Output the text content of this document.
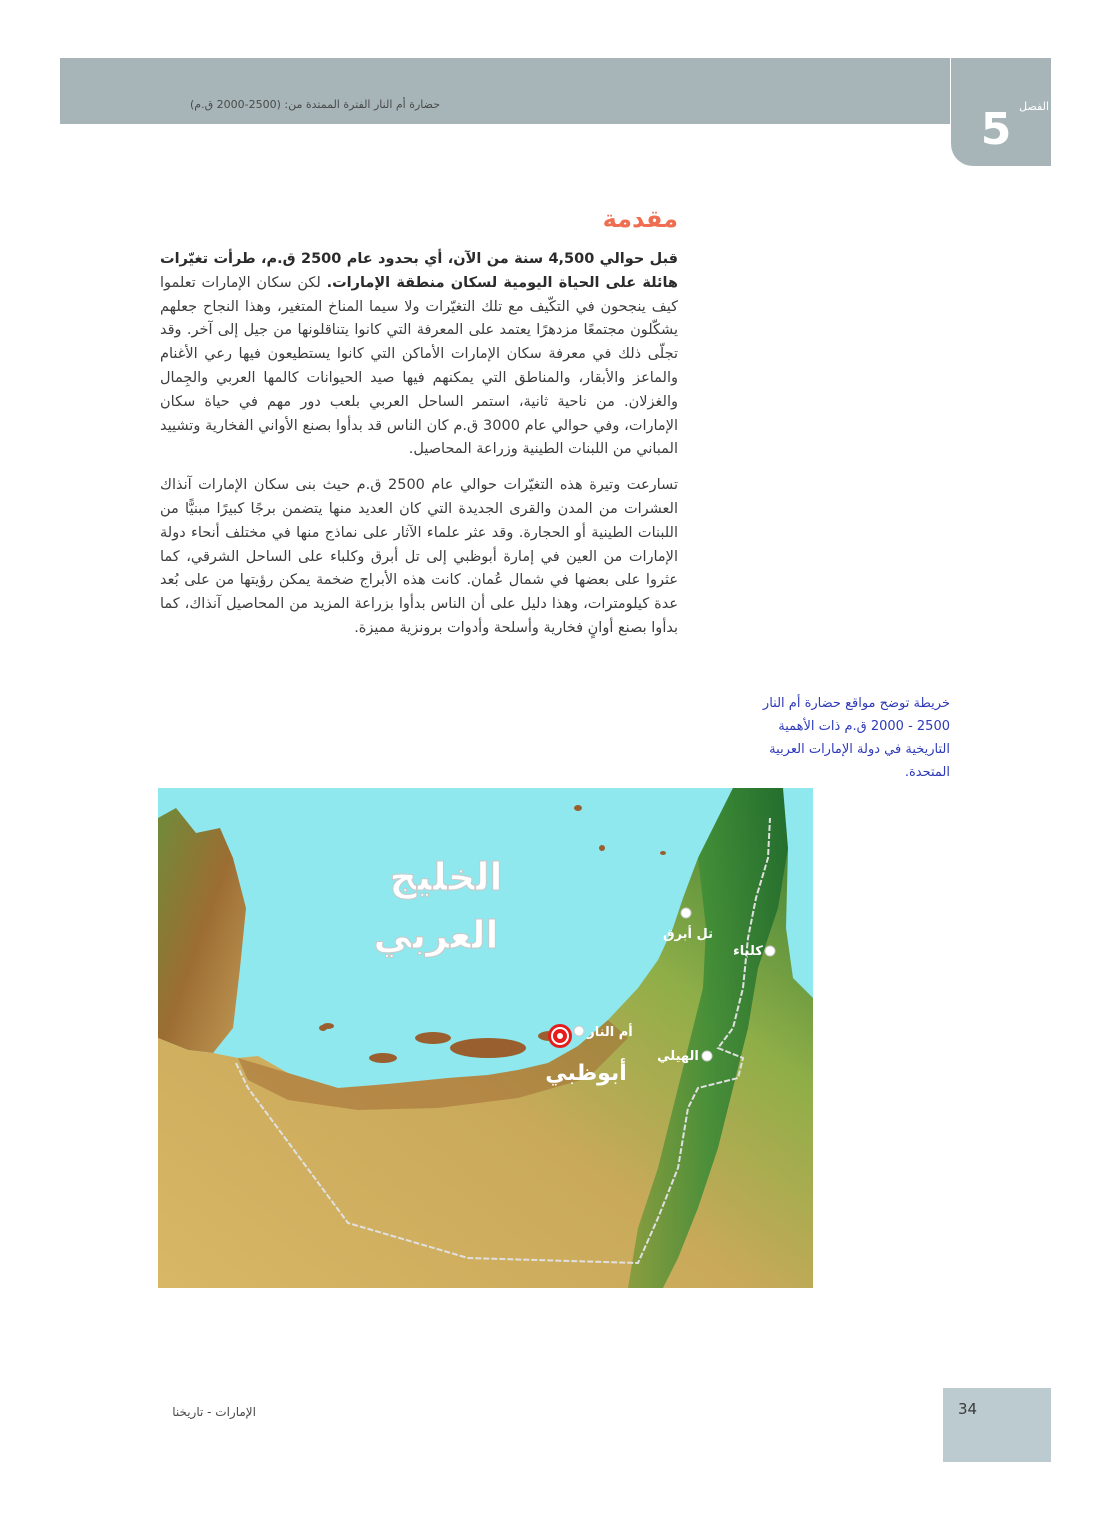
حضارة أم النار الفترة الممتدة من: (2500-2000 ق.م)	الفصل
5
مقدمة

قبل حوالي 4,500 سنة من الآن، أي بحدود عام 2500 ق.م، طرأت تغيّرات هائلة على الحياة اليومية لسكان منطقة الإمارات. لكن سكان الإمارات تعلموا كيف ينجحون في التكّيف مع تلك التغيّرات ولا سيما المناخ المتغير، وهذا النجاح جعلهم يشكّلون مجتمعًا مزدهرًا يعتمد على المعرفة التي كانوا يتناقلونها من جيل إلى آخر. وقد تجلّى ذلك في معرفة سكان الإمارات الأماكن التي كانوا يستطيعون فيها رعي الأغنام والماعز والأبقار، والمناطق التي يمكنهم فيها صيد الحيوانات كالمها العربي والجِمال والغزلان. من ناحية ثانية، استمر الساحل العربي بلعب دور مهم في حياة سكان الإمارات، وفي حوالي عام 3000 ق.م كان الناس قد بدأوا بصنع الأواني الفخارية وتشييد المباني من اللبنات الطينية وزراعة المحاصيل.

تسارعت وتيرة هذه التغيّرات حوالي عام 2500 ق.م حيث بنى سكان الإمارات آنذاك العشرات من المدن والقرى الجديدة التي كان العديد منها يتضمن برجًا كبيرًا مبنيًّا من اللبنات الطينية أو الحجارة. وقد عثر علماء الآثار على نماذج منها في مختلف أنحاء دولة الإمارات من العين في إمارة أبوظبي إلى تل أبرق وكلباء على الساحل الشرقي، كما عثروا على بعضها في شمال عُمان. كانت هذه الأبراج ضخمة يمكن رؤيتها من على بُعد عدة كيلومترات، وهذا دليل على أن الناس بدأوا بزراعة المزيد من المحاصيل آنذاك، كما بدأوا بصنع أوانٍ فخارية وأسلحة وأدوات برونزية مميزة.

خريطة توضح مواقع حضارة أم النار 2500 - 2000 ق.م ذات الأهمية التاريخية في دولة الإمارات العربية المتحدة.
الخليج
العربي	تل أبرق
كلباء
أم النار
الهيلي
أبوظبي
34
الإمارات - تاريخنا
